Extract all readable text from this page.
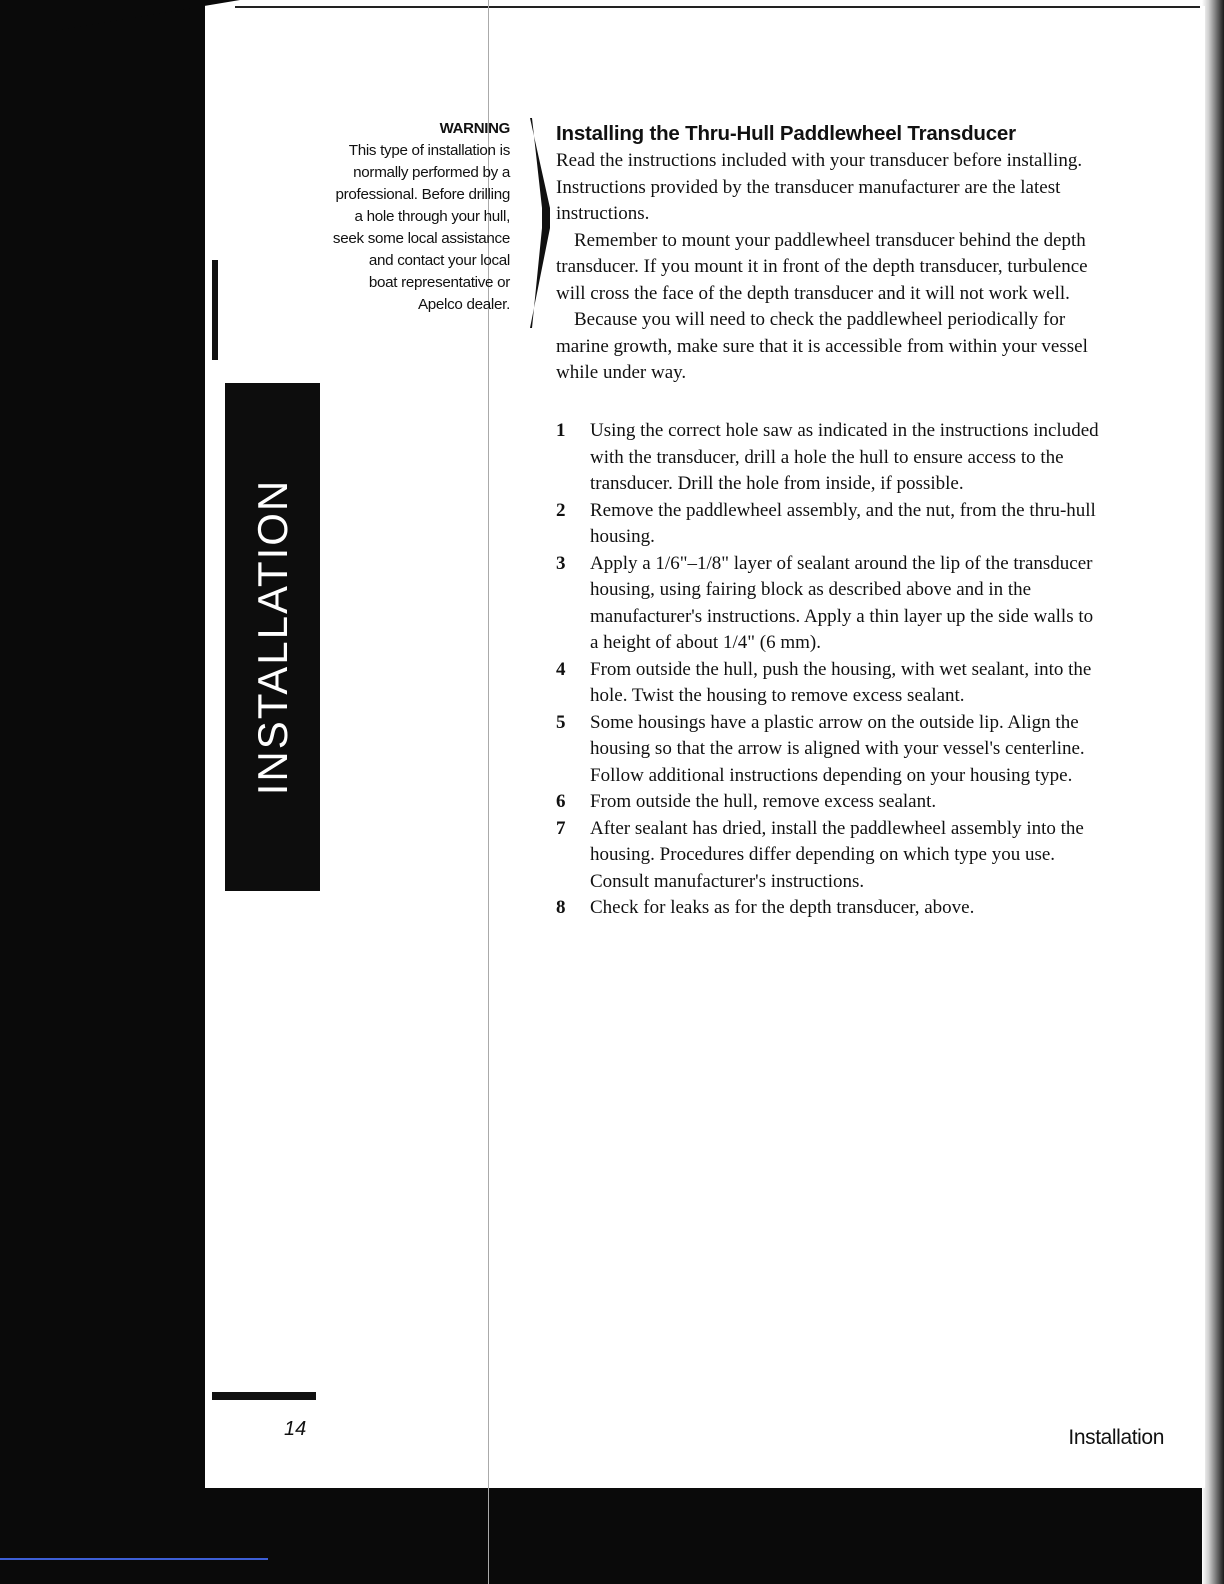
INSTALLATION
WARNING
This type of installation is
normally performed by a
professional. Before drilling
a hole through your hull,
seek some local assistance
and contact your local
boat representative or
Apelco dealer.
Installing the Thru-Hull Paddlewheel Transducer

Read the instructions included with your transducer before installing.
Instructions provided by the transducer manufacturer are the latest
instructions.

Remember to mount your paddlewheel transducer behind the depth
transducer. If you mount it in front of the depth transducer, turbulence
will cross the face of the depth transducer and it will not work well.

Because you will need to check the paddlewheel periodically for
marine growth, make sure that it is accessible from within your vessel
while under way.

1	Using the correct hole saw as indicated in the instructions included
with the transducer, drill a hole the hull to ensure access to the
transducer. Drill the hole from inside, if possible.
2	Remove the paddlewheel assembly, and the nut, from the thru-hull
housing.
3	Apply a 1/6"–1/8" layer of sealant around the lip of the transducer
housing, using fairing block as described above and in the
manufacturer's instructions. Apply a thin layer up the side walls to
a height of about 1/4" (6 mm).
4	From outside the hull, push the housing, with wet sealant, into the
hole. Twist the housing to remove excess sealant.
5	Some housings have a plastic arrow on the outside lip. Align the
housing so that the arrow is aligned with your vessel's centerline.
Follow additional instructions depending on your housing type.
6	From outside the hull, remove excess sealant.
7	After sealant has dried, install the paddlewheel assembly into the
housing. Procedures differ depending on which type you use.
Consult manufacturer's instructions.
8	Check for leaks as for the depth transducer, above.
14	Installation
